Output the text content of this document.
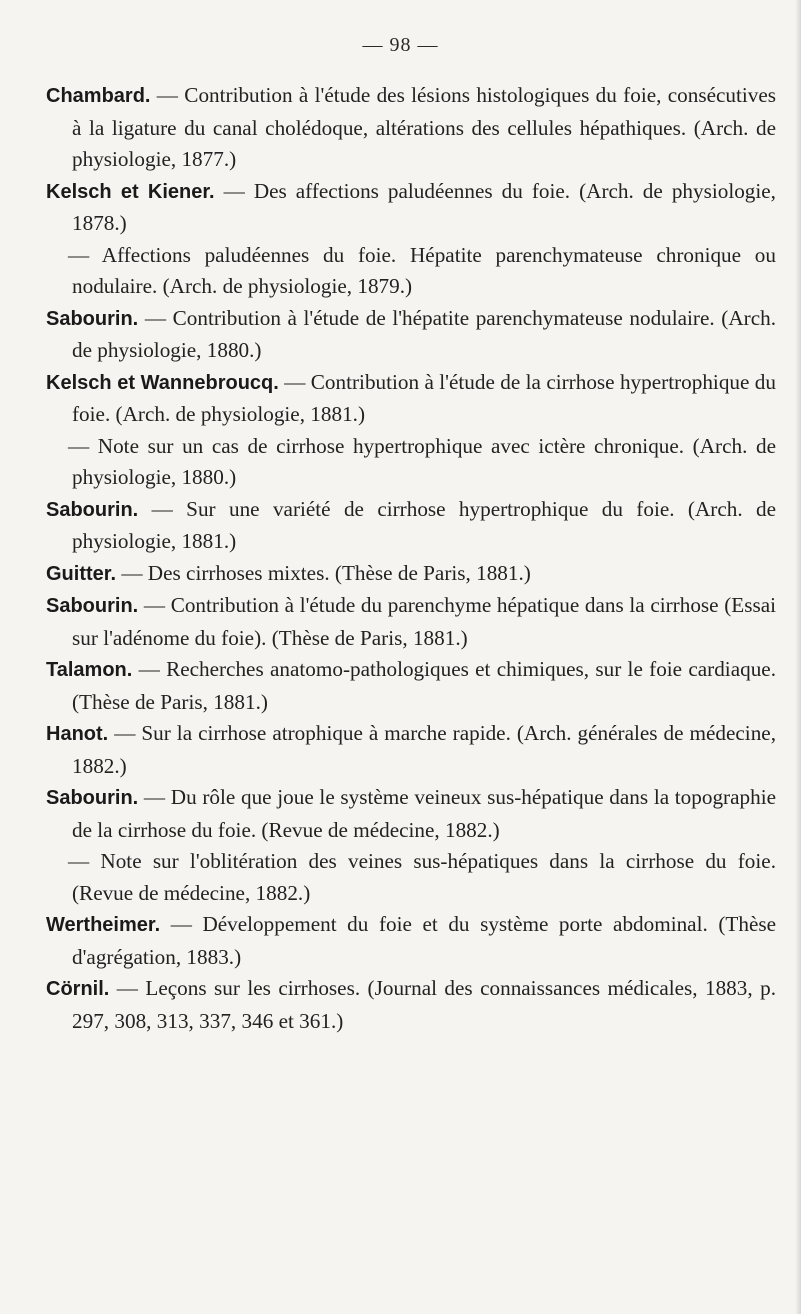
— 98 —

Chambard. — Contribution à l'étude des lésions histologiques du foie, consécutives à la ligature du canal cholédoque, altérations des cellules hépathiques. (Arch. de physiologie, 1877.)

Kelsch et Kiener. — Des affections paludéennes du foie. (Arch. de physiologie, 1878.)

— Affections paludéennes du foie. Hépatite parenchymateuse chronique ou nodulaire. (Arch. de physiologie, 1879.)

Sabourin. — Contribution à l'étude de l'hépatite parenchymateuse nodulaire. (Arch. de physiologie, 1880.)

Kelsch et Wannebroucq. — Contribution à l'étude de la cirrhose hypertrophique du foie. (Arch. de physiologie, 1881.)

— Note sur un cas de cirrhose hypertrophique avec ictère chronique. (Arch. de physiologie, 1880.)

Sabourin. — Sur une variété de cirrhose hypertrophique du foie. (Arch. de physiologie, 1881.)

Guitter. — Des cirrhoses mixtes. (Thèse de Paris, 1881.)

Sabourin. — Contribution à l'étude du parenchyme hépatique dans la cirrhose (Essai sur l'adénome du foie). (Thèse de Paris, 1881.)

Talamon. — Recherches anatomo-pathologiques et chimiques, sur le foie cardiaque. (Thèse de Paris, 1881.)

Hanot. — Sur la cirrhose atrophique à marche rapide. (Arch. générales de médecine, 1882.)

Sabourin. — Du rôle que joue le système veineux sus-hépatique dans la topographie de la cirrhose du foie. (Revue de médecine, 1882.)

— Note sur l'oblitération des veines sus-hépatiques dans la cirrhose du foie. (Revue de médecine, 1882.)

Wertheimer. — Développement du foie et du système porte abdominal. (Thèse d'agrégation, 1883.)

Cörnil. — Leçons sur les cirrhoses. (Journal des connaissances médicales, 1883, p. 297, 308, 313, 337, 346 et 361.)
